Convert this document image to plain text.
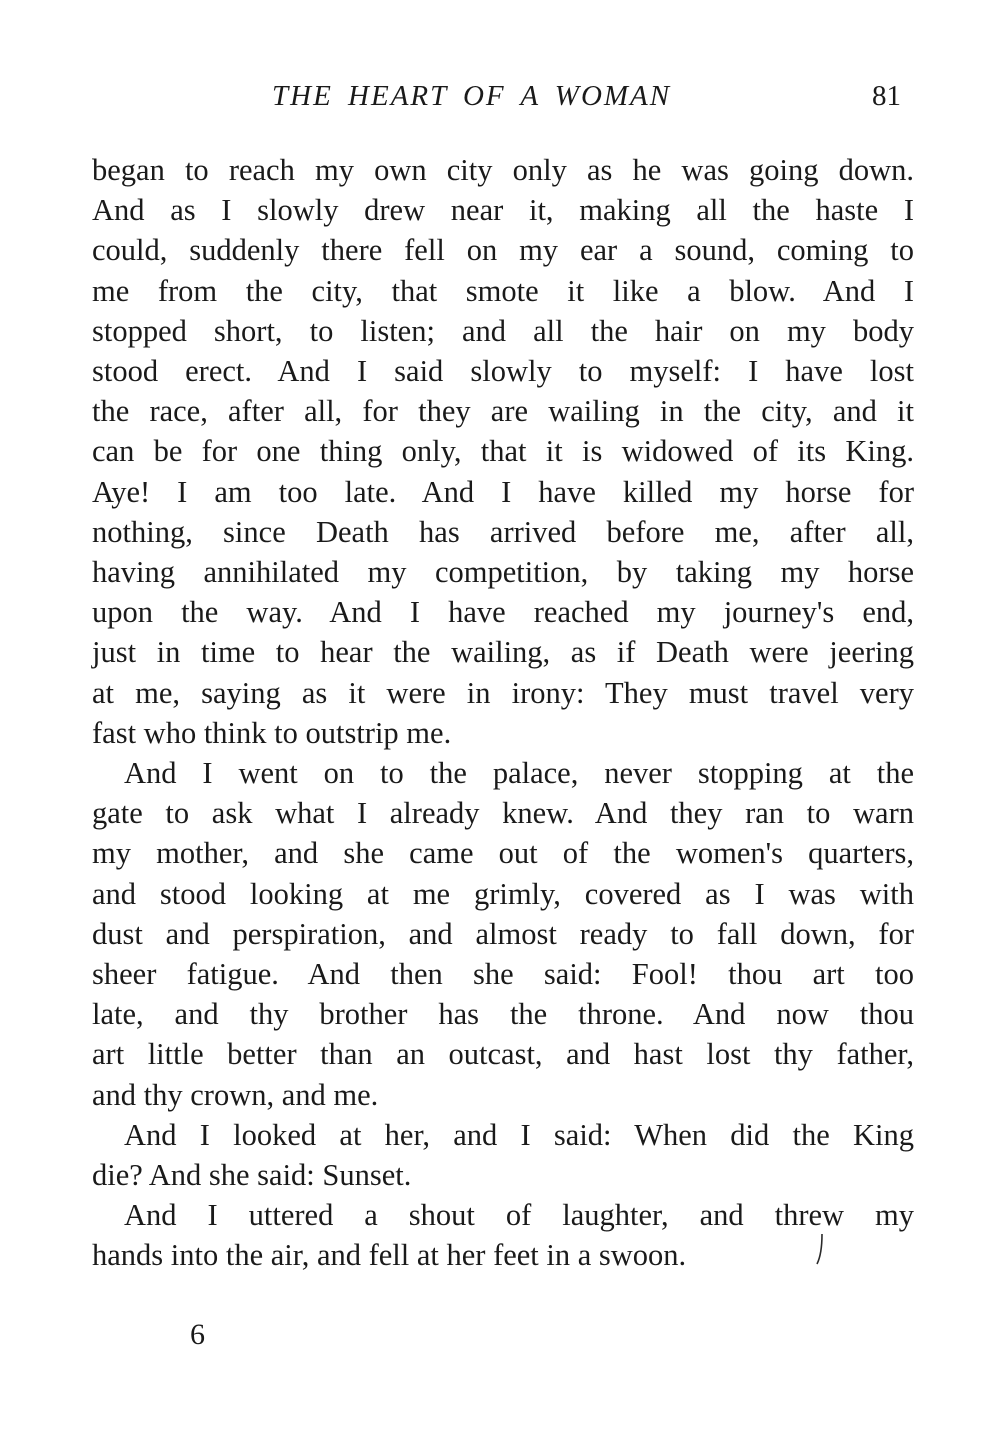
THE HEART OF A WOMAN	81

began to reach my own city only as he was going down.
And as I slowly drew near it, making all the haste I
could, suddenly there fell on my ear a sound, coming to
me from the city, that smote it like a blow. And I
stopped short, to listen; and all the hair on my body
stood erect. And I said slowly to myself: I have lost
the race, after all, for they are wailing in the city, and it
can be for one thing only, that it is widowed of its King.
Aye! I am too late. And I have killed my horse for
nothing, since Death has arrived before me, after all,
having annihilated my competition, by taking my horse
upon the way. And I have reached my journey's end,
just in time to hear the wailing, as if Death were jeering
at me, saying as it were in irony: They must travel very
fast who think to outstrip me.

And I went on to the palace, never stopping at the
gate to ask what I already knew. And they ran to warn
my mother, and she came out of the women's quarters,
and stood looking at me grimly, covered as I was with
dust and perspiration, and almost ready to fall down, for
sheer fatigue. And then she said: Fool! thou art too
late, and thy brother has the throne. And now thou
art little better than an outcast, and hast lost thy father,
and thy crown, and me.

And I looked at her, and I said: When did the King
die? And she said: Sunset.

And I uttered a shout of laughter, and threw my
hands into the air, and fell at her feet in a swoon.

6
